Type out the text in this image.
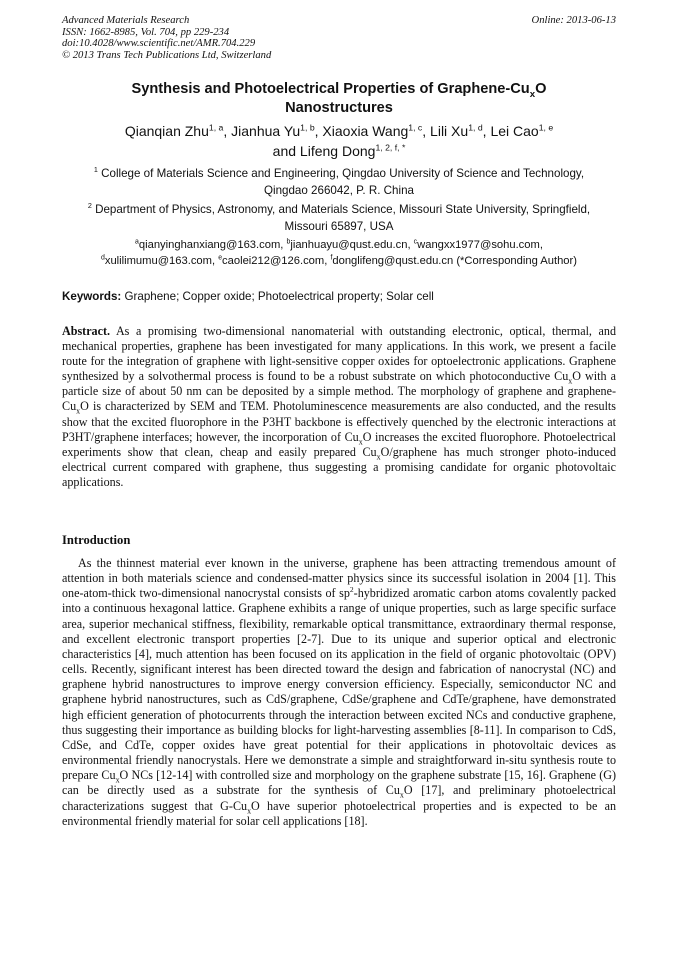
Advanced Materials Research
ISSN: 1662-8985, Vol. 704, pp 229-234
doi:10.4028/www.scientific.net/AMR.704.229
© 2013 Trans Tech Publications Ltd, Switzerland
Online: 2013-06-13
Synthesis and Photoelectrical Properties of Graphene-$Cu_xO$
Nanostructures
Qianqian Zhu$^{1, a}$, Jianhua Yu$^{1, b}$, Xiaoxia Wang$^{1, c}$, Lili Xu$^{1, d}$, Lei Cao$^{1, e}$
and Lifeng Dong$^{1, 2, f, *}$
$^1$ College of Materials Science and Engineering, Qingdao University of Science and Technology,
Qingdao 266042, P. R. China
$^2$ Department of Physics, Astronomy, and Materials Science, Missouri State University, Springfield,
Missouri 65897, USA
$^a$qianyinghanxiang@163.com, $^b$jianhuayu@qust.edu.cn, $^c$wangxx1977@sohu.com,
$^d$xulilimumu@163.com, $^e$caolei212@126.com, $^f$donglifeng@qust.edu.cn (*Corresponding Author)
Keywords: Graphene; Copper oxide; Photoelectrical property; Solar cell

Abstract. As a promising two-dimensional nanomaterial with outstanding electronic, optical, thermal, and mechanical properties, graphene has been investigated for many applications. In this work, we present a facile route for the integration of graphene with light-sensitive copper oxides for optoelectronic applications. Graphene synthesized by a solvothermal process is found to be a robust substrate on which photoconductive $Cu_xO$ with a particle size of about 50 nm can be deposited by a simple method. The morphology of graphene and graphene-$Cu_xO$ is characterized by SEM and TEM. Photoluminescence measurements are also conducted, and the results show that the excited fluorophore in the P3HT backbone is effectively quenched by the electronic interactions at P3HT/graphene interfaces; however, the incorporation of $Cu_xO$ increases the excited fluorophore. Photoelectrical experiments show that clean, cheap and easily prepared $Cu_xO$/graphene has much stronger photo-induced electrical current compared with graphene, thus suggesting a promising candidate for organic photovoltaic applications.

Introduction

As the thinnest material ever known in the universe, graphene has been attracting tremendous amount of attention in both materials science and condensed-matter physics since its successful isolation in 2004 [1]. This one-atom-thick two-dimensional nanocrystal consists of $sp^2$-hybridized aromatic carbon atoms covalently packed into a continuous hexagonal lattice. Graphene exhibits a range of unique properties, such as large specific surface area, superior mechanical stiffness, flexibility, remarkable optical transmittance, extraordinary thermal response, and excellent electronic transport properties [2-7]. Due to its unique and superior optical and electronic characteristics [4], much attention has been focused on its application in the field of organic photovoltaic (OPV) cells. Recently, significant interest has been directed toward the design and fabrication of nanocrystal (NC) and graphene hybrid nanostructures to improve energy conversion efficiency. Especially, semiconductor NC and graphene hybrid nanostructures, such as CdS/graphene, CdSe/graphene and CdTe/graphene, have demonstrated high efficient generation of photocurrents through the interaction between excited NCs and conductive graphene, thus suggesting their importance as building blocks for light-harvesting assemblies [8-11]. In comparison to CdS, CdSe, and CdTe, copper oxides have great potential for their applications in photovoltaic devices as environmental friendly nanocrystals. Here we demonstrate a simple and straightforward in-situ synthesis route to prepare $Cu_xO$ NCs [12-14] with controlled size and morphology on the graphene substrate [15, 16]. Graphene (G) can be directly used as a substrate for the synthesis of $Cu_xO$ [17], and preliminary photoelectrical characterizations suggest that $G-Cu_xO$ have superior photoelectrical properties and is expected to be an environmental friendly material for solar cell applications [18].
